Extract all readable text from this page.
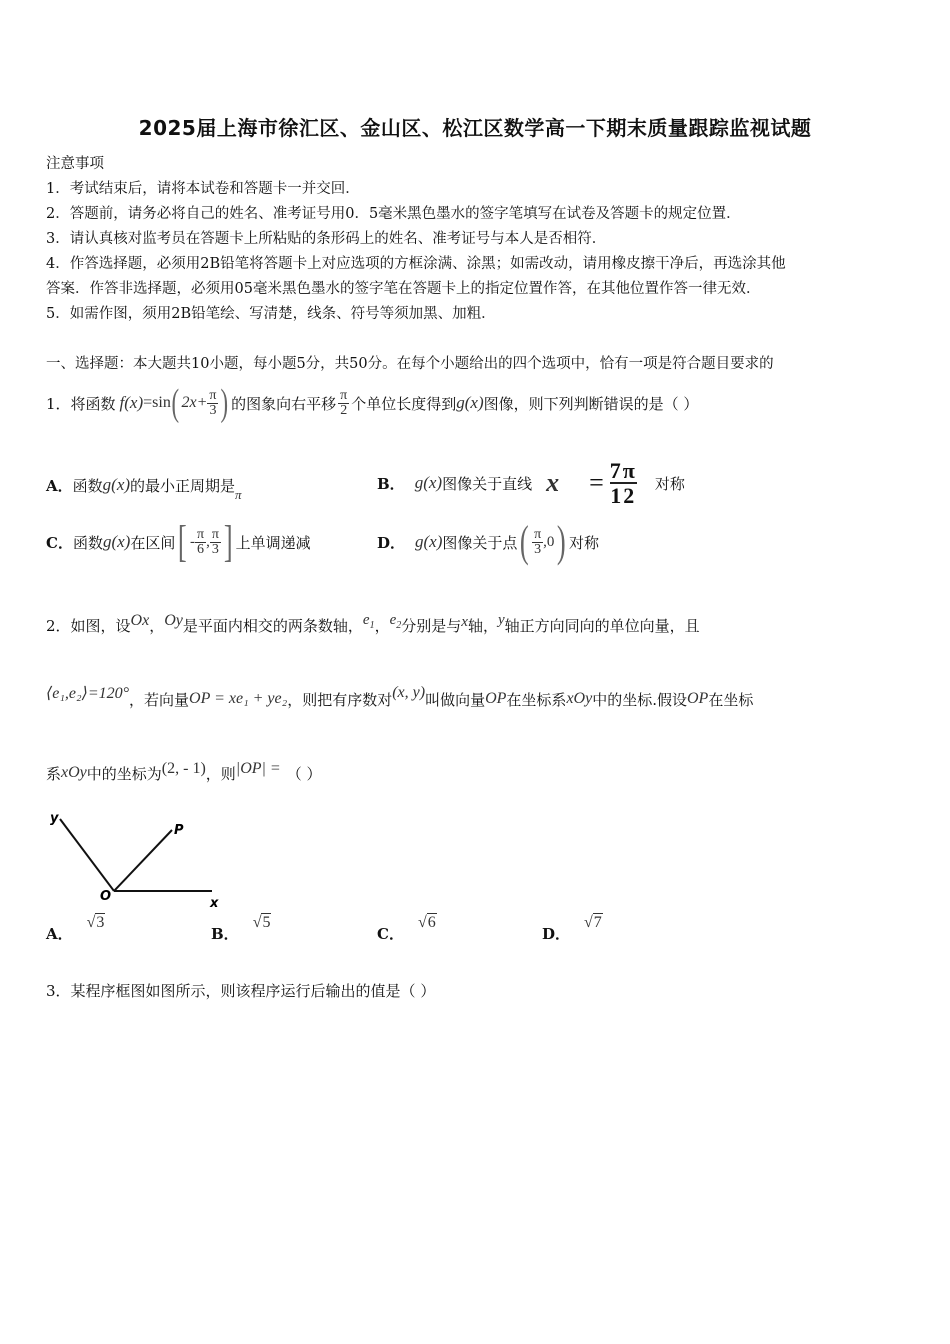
2025届上海市徐汇区、金山区、松江区数学高一下期末质量跟踪监视试题
注意事项
1．考试结束后，请将本试卷和答题卡一并交回．
2．答题前，请务必将自己的姓名、准考证号用0．5毫米黑色墨水的签字笔填写在试卷及答题卡的规定位置．
3．请认真核对监考员在答题卡上所粘贴的条形码上的姓名、准考证号与本人是否相符．
4．作答选择题，必须用2B铅笔将答题卡上对应选项的方框涂满、涂黑；如需改动，请用橡皮擦干净后，再选涂其他
答案．作答非选择题，必须用05毫米黑色墨水的签字笔在答题卡上的指定位置作答，在其他位置作答一律无效．
5．如需作图，须用2B铅笔绘、写清楚，线条、符号等须加黑、加粗．
一、选择题：本大题共10小题，每小题5分，共50分。在每个小题给出的四个选项中，恰有一项是符合题目要求的
1．将函数 f(x) =sin ( $2x+ \frac{\pi}{3}$ ) 的图象向右平移 $\frac{\pi}{2}$ 个单位长度得到 g(x) 图像，则下列判断错误的是（ ）
A． 函数 g(x) 的最小正周期是 π
B． g(x) 图像关于直线 $x = \frac{7\pi}{12}$ 对称
C． 函数 g(x) 在区间 [ - $\frac{\pi}{6}$ , $\frac{\pi}{3}$ ] 上单调递减	D． g(x) 图像关于点 ( $\frac{\pi}{3} ,0$ ) 对称
2．如图，设 Ox ， Oy 是平面内相交的两条数轴， $e_1$ ， $e_2$ 分别是与 x 轴， y 轴正方向同向的单位向量，且
⟨e₁,e₂⟩=120° ，若向量 OP = xe₁ + ye₂ ，则把有序数对 (x, y) 叫做向量 OP 在坐标系 xOy 中的坐标.假设 OP 在坐标
系 xOy 中的坐标为 (2, - 1) ，则 |OP| = （ ）
y
P
O	x
A．
√3
B．
√5
C．
√6
D．
√7
3．某程序框图如图所示，则该程序运行后输出的值是（ ）
